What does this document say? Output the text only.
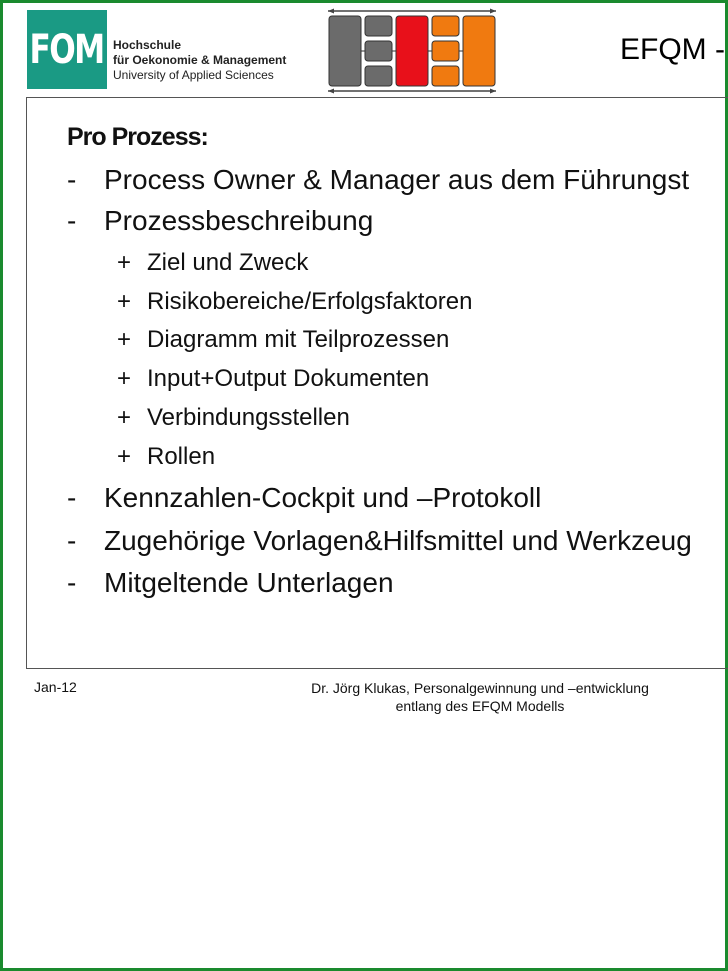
FOM Hochschule
für Oekonomie & Management
University of Applied Sciences
EFQM -
Pro Prozess:
- Process Owner & Manager aus dem Führungst
- Prozessbeschreibung
+ Ziel und Zweck
+ Risikobereiche/Erfolgsfaktoren
+ Diagramm mit Teilprozessen
+ Input+Output Dokumenten
+ Verbindungsstellen
+ Rollen
- Kennzahlen-Cockpit und –Protokoll
- Zugehörige Vorlagen&Hilfsmittel und Werkzeug
- Mitgeltende Unterlagen
Jan-12	Dr. Jörg Klukas, Personalgewinnung und –entwicklung
entlang des EFQM Modells
